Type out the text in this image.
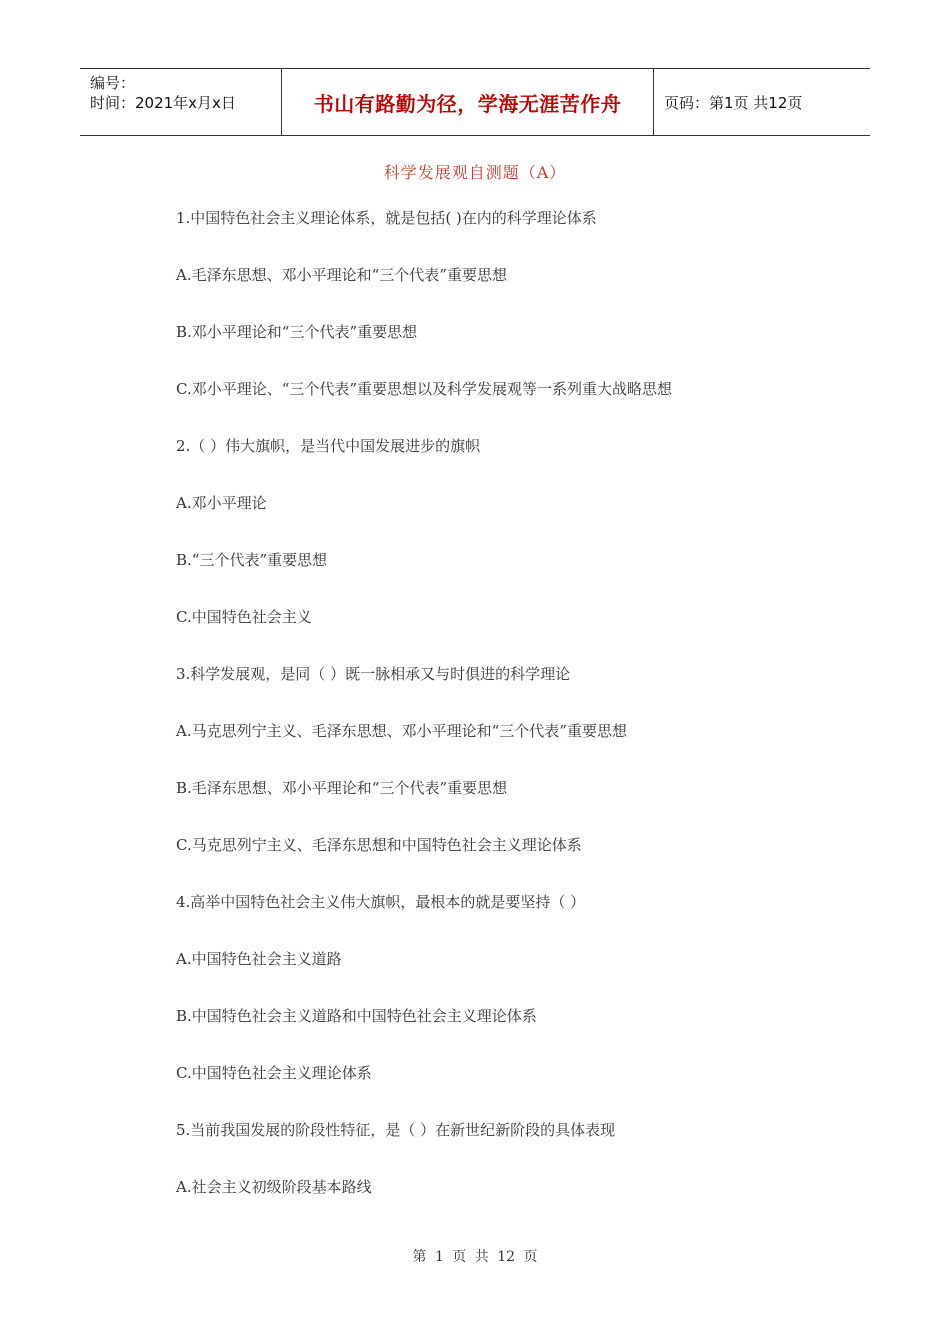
编号：
时间：2021年x月x日	书山有路勤为径，学海无涯苦作舟	页码：第1页 共12页
科学发展观自测题（A）
1.中国特色社会主义理论体系，就是包括( )在内的科学理论体系
A.毛泽东思想、邓小平理论和“三个代表”重要思想
B.邓小平理论和“三个代表”重要思想
C.邓小平理论、“三个代表”重要思想以及科学发展观等一系列重大战略思想
2.（ ）伟大旗帜，是当代中国发展进步的旗帜
A.邓小平理论
B.“三个代表”重要思想
C.中国特色社会主义
3.科学发展观，是同（ ）既一脉相承又与时俱进的科学理论
A.马克思列宁主义、毛泽东思想、邓小平理论和“三个代表”重要思想
B.毛泽东思想、邓小平理论和“三个代表”重要思想
C.马克思列宁主义、毛泽东思想和中国特色社会主义理论体系
4.高举中国特色社会主义伟大旗帜，最根本的就是要坚持（ ）
A.中国特色社会主义道路
B.中国特色社会主义道路和中国特色社会主义理论体系
C.中国特色社会主义理论体系
5.当前我国发展的阶段性特征，是（ ）在新世纪新阶段的具体表现
A.社会主义初级阶段基本路线
第 1 页 共 12 页
